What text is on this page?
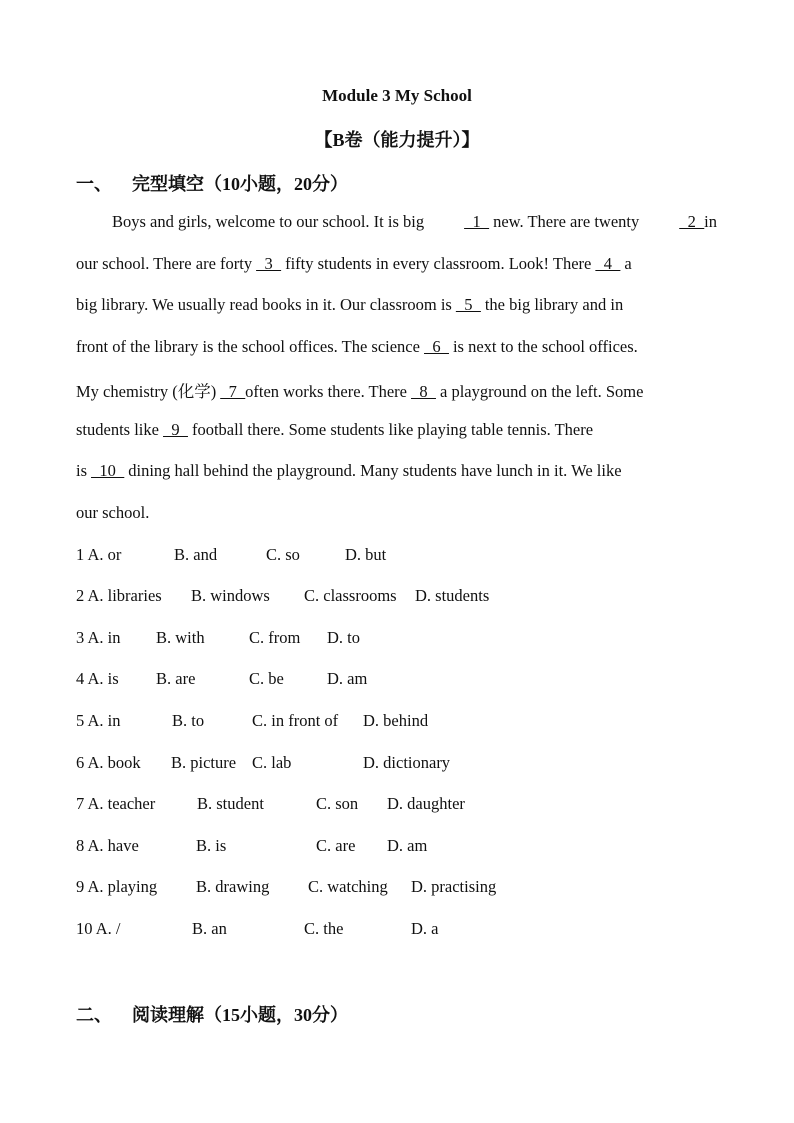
Module 3 My School
【B卷（能力提升）】
一、 完型填空（10小题，20分）
Boys and girls, welcome to our school. It is big _1_ new. There are twenty _2_in
our school. There are forty _3_ fifty students in every classroom. Look! There _4_ a
big library. We usually read books in it. Our classroom is _5_ the big library and in
front of the library is the school offices. The science _6_ is next to the school offices.
My chemistry (化学) _7_often works there. There _8_ a playground on the left. Some
students like _9_ football there. Some students like playing table tennis. There
is _10_ dining hall behind the playground. Many students have lunch in it. We like
our school.
1 A. or	B. and	C. so	D. but
2 A. libraries B. windows C. classrooms D. students
3 A. in B. with	C. from D. to
4 A. is B. are	C. be	D. am
5 A. in	B. to	C. in front of D. behind
6 A. book B. picture C. lab	D. dictionary
7 A. teacher	B. student	C. son D. daughter
8 A. have	B. is	C. are D. am
9 A. playing B. drawing C. watching D. practising
10 A. /	B. an	C. the	D. a
二、 阅读理解（15小题，30分）
